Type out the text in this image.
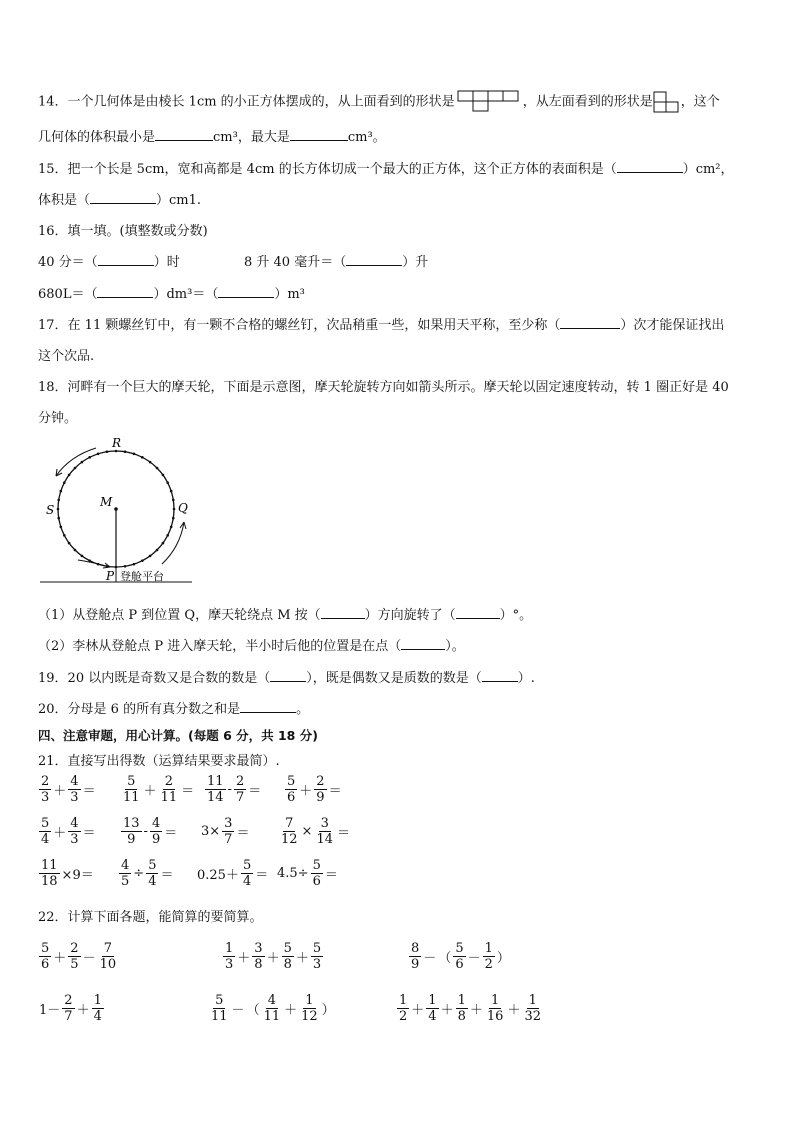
14．一个几何体是由棱长 1cm 的小正方体摆成的，从上面看到的形状是	，从左面看到的形状是 ，这个
几何体的体积最小是	cm³，最大是	cm³。
15．把一个长是 5cm，宽和高都是 4cm 的长方体切成一个最大的正方体，这个正方体的表面积是（	）cm²，
体积是（	）cm1.
16．填一填。(填整数或分数)
40 分＝（	）时	8 升 40 毫升＝（	）升
680L＝（	）dm³＝（	）m³
17．在 11 颗螺丝钉中，有一颗不合格的螺丝钉，次品稍重一些，如果用天平称，至少称（	）次才能保证找出
这个次品.
18．河畔有一个巨大的摩天轮，下面是示意图，摩天轮旋转方向如箭头所示。摩天轮以固定速度转动，转 1 圈正好是 40
分钟。
R
S
M	Q
P 登舱平台
（1）从登舱点 P 到位置 Q，摩天轮绕点 M 按（	）方向旋转了（	）°。
（2）李林从登舱点 P 进入摩天轮，半小时后他的位置是在点（	）。
19．20 以内既是奇数又是合数的数是（	），既是偶数又是质数的数是（	）.
20．分母是 6 的所有真分数之和是	。
四、注意审题，用心计算。(每题 6 分，共 18 分)
21．直接写出得数（运算结果要求最简）.
$\frac{2}{3} + \frac{4}{3} = \frac{5}{11} + \frac{2}{11} = \frac{11}{14} - \frac{2}{7} = \frac{5}{6} + \frac{2}{9}$ ＝
$\frac{5}{4} + \frac{4}{3} = \frac{13}{9} - \frac{4}{9} = 3\times \frac{3}{7} = \frac{7}{12} \times \frac{3}{14}$ ＝
$\frac{11}{18} \times 9= \frac{4}{5} \div \frac{5}{4} = 0.25+ \frac{5}{4} = 4.5\div \frac{5}{6}$ ＝
22．计算下面各题，能简算的要简算。
$\frac{5}{6} + \frac{2}{5} - \frac{7}{10}$	$\frac{1}{3} + \frac{3}{8} + \frac{5}{8} + \frac{5}{3}$	$\frac{8}{9}$ － （ $\frac{5}{6} - \frac{1}{2}$ ）
$1- \frac{2}{7} + \frac{1}{4}$	$\frac{5}{11}$ － （ $\frac{4}{11} + \frac{1}{12}$ ）	$\frac{1}{2} + \frac{1}{4} + \frac{1}{8} + \frac{1}{16} + \frac{1}{32}$
